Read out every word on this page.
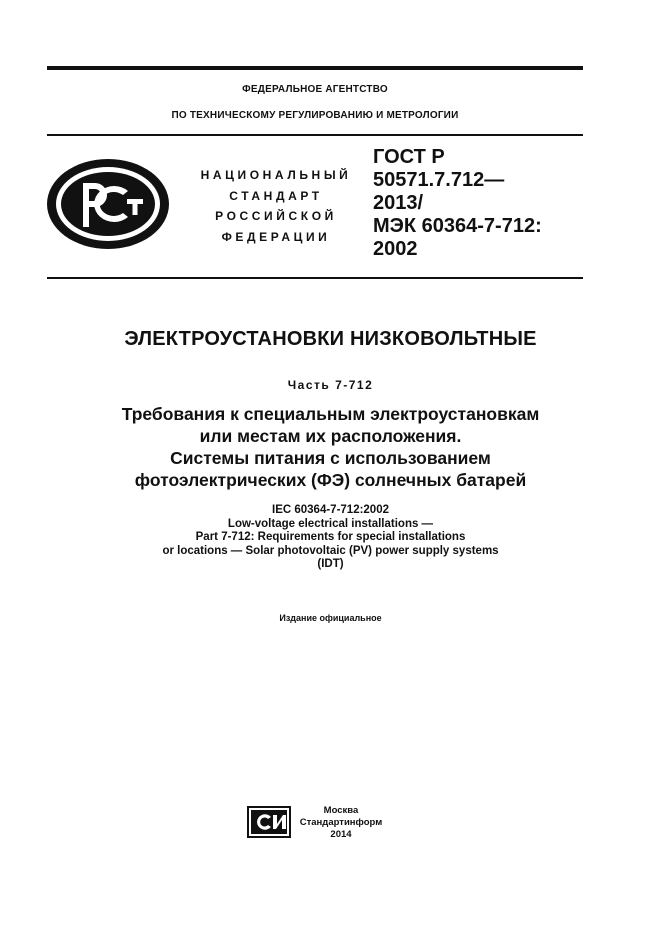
ФЕДЕРАЛЬНОЕ АГЕНТСТВО
ПО ТЕХНИЧЕСКОМУ РЕГУЛИРОВАНИЮ И МЕТРОЛОГИИ
РСТ
НАЦИОНАЛЬНЫЙ
СТАНДАРТ
РОССИЙСКОЙ
ФЕДЕРАЦИИ
ГОСТ Р
50571.7.712—
2013/
МЭК 60364-7-712:
2002
ЭЛЕКТРОУСТАНОВКИ НИЗКОВОЛЬТНЫЕ
Часть 7-712
Требования к специальным электроустановкам
или местам их расположения.
Системы питания с использованием
фотоэлектрических (ФЭ) солнечных батарей
IEC 60364-7-712:2002
Low-voltage electrical installations —
Part 7-712: Requirements for special installations
or locations — Solar photovoltaic (PV) power supply systems
(IDT)
Издание официальное
Москва
Стандартинформ
2014
